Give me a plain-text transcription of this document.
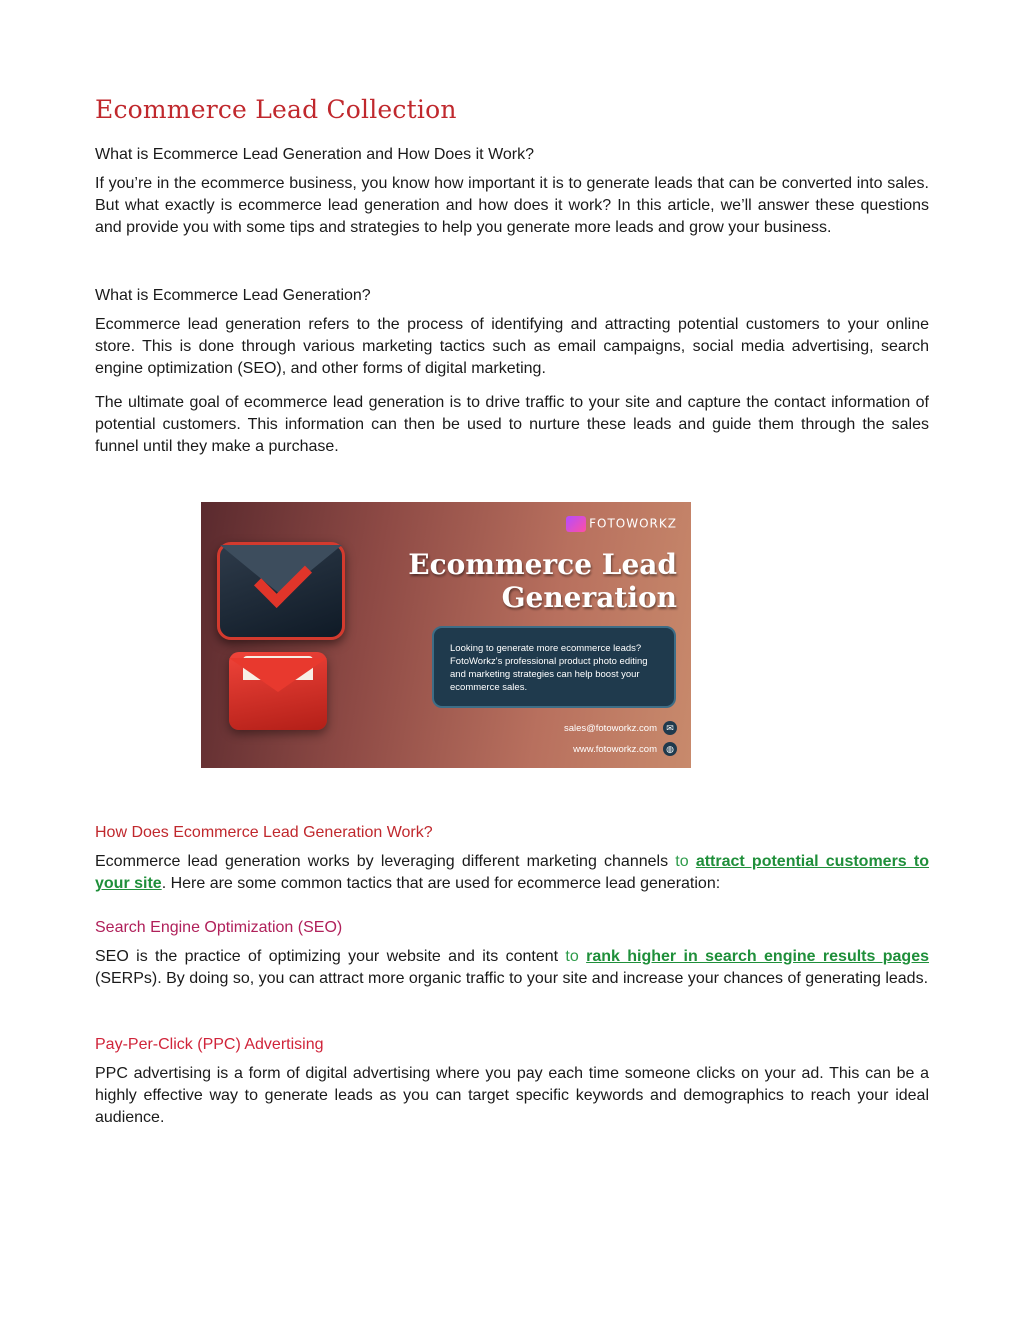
Ecommerce Lead Collection

What is Ecommerce Lead Generation and How Does it Work?

If you’re in the ecommerce business, you know how important it is to generate leads that can be converted into sales. But what exactly is ecommerce lead generation and how does it work? In this article, we’ll answer these questions and provide you with some tips and strategies to help you generate more leads and grow your business.

What is Ecommerce Lead Generation?

Ecommerce lead generation refers to the process of identifying and attracting potential customers to your online store. This is done through various marketing tactics such as email campaigns, social media advertising, search engine optimization (SEO), and other forms of digital marketing.

The ultimate goal of ecommerce lead generation is to drive traffic to your site and capture the contact information of potential customers. This information can then be used to nurture these leads and guide them through the sales funnel until they make a purchase.

How Does Ecommerce Lead Generation Work?

Ecommerce lead generation works by leveraging different marketing channels to attract potential customers to your site. Here are some common tactics that are used for ecommerce lead generation:

Search Engine Optimization (SEO)

SEO is the practice of optimizing your website and its content to rank higher in search engine results pages (SERPs). By doing so, you can attract more organic traffic to your site and increase your chances of generating leads.

Pay-Per-Click (PPC) Advertising

PPC advertising is a form of digital advertising where you pay each time someone clicks on your ad. This can be a highly effective way to generate leads as you can target specific keywords and demographics to reach your ideal audience.

FOTOWORKZ
Ecommerce Lead
Generation
Looking to generate more ecommerce leads? FotoWorkz's professional product photo editing and marketing strategies can help boost your ecommerce sales.
sales@fotoworkz.com	✉
www.fotoworkz.com	◍
